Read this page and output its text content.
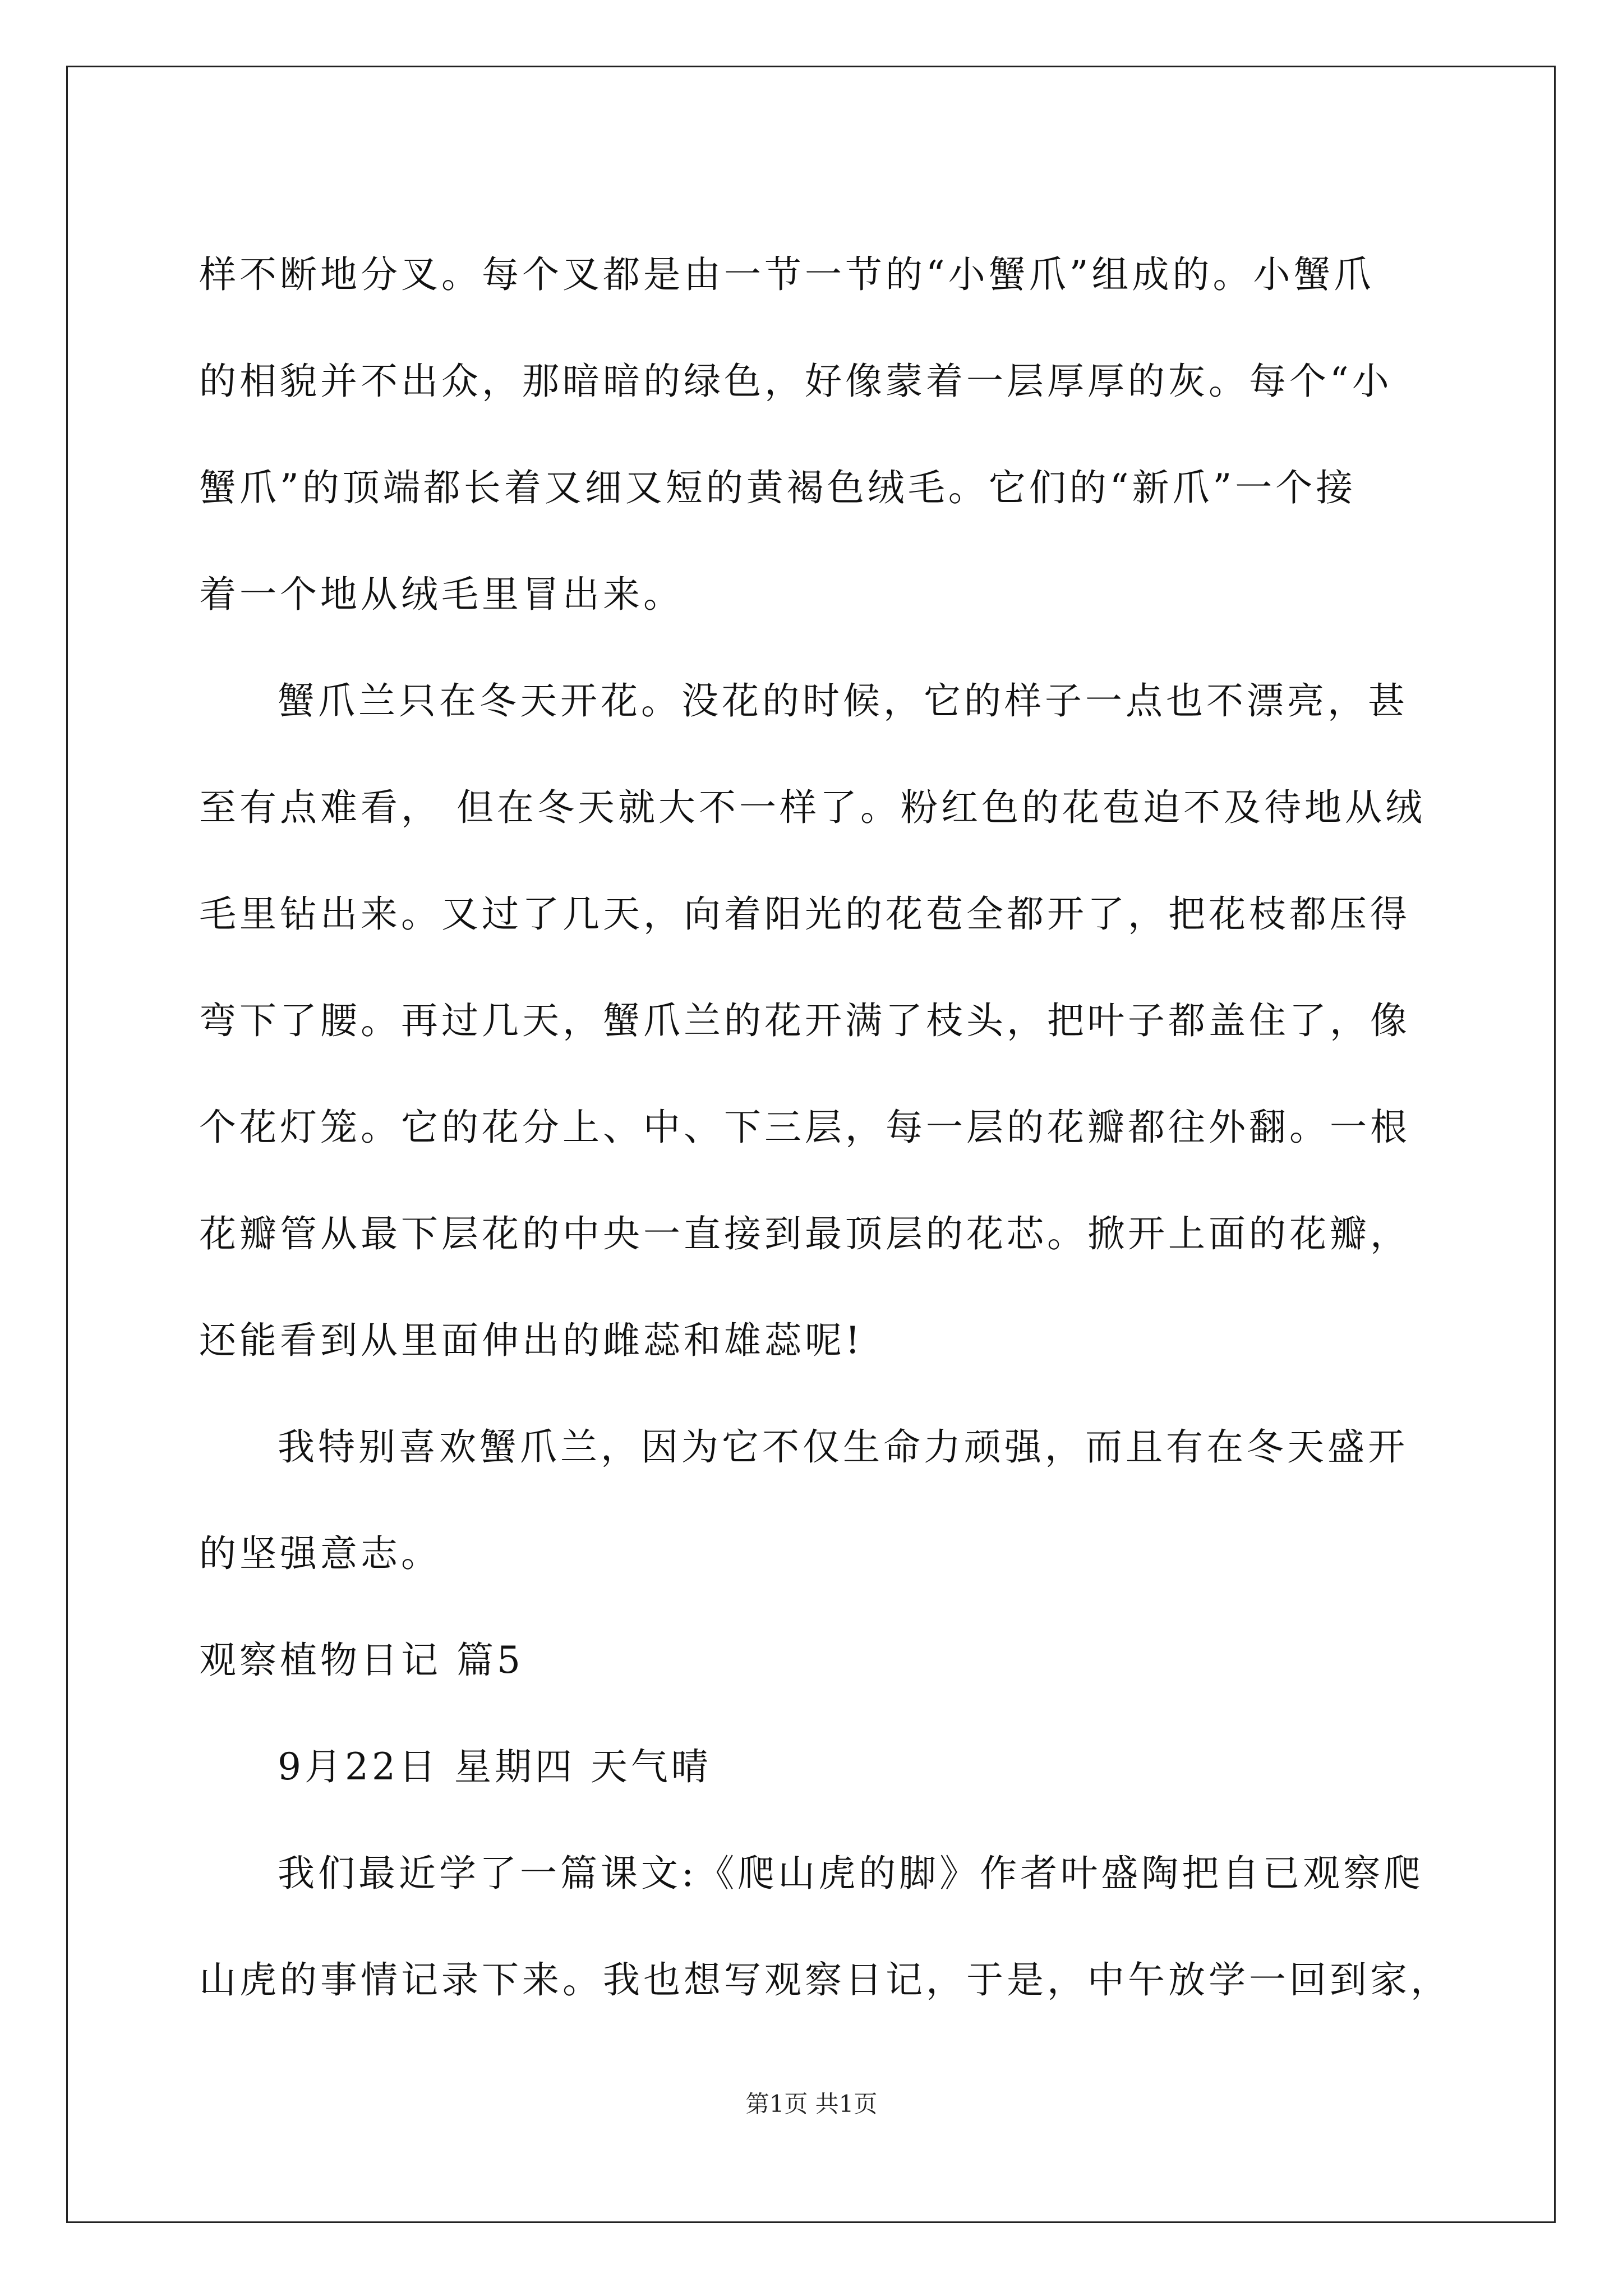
样不断地分叉。每个叉都是由一节一节的“小蟹爪”组成的。小蟹爪
的相貌并不出众，那暗暗的绿色，好像蒙着一层厚厚的灰。每个“小
蟹爪”的顶端都长着又细又短的黄褐色绒毛。它们的“新爪”一个接
着一个地从绒毛里冒出来。
蟹爪兰只在冬天开花。没花的时候，它的样子一点也不漂亮，甚
至有点难看， 但在冬天就大不一样了。粉红色的花苞迫不及待地从绒
毛里钻出来。又过了几天，向着阳光的花苞全都开了，把花枝都压得
弯下了腰。再过几天，蟹爪兰的花开满了枝头，把叶子都盖住了，像
个花灯笼。它的花分上、中、下三层，每一层的花瓣都往外翻。一根
花瓣管从最下层花的中央一直接到最顶层的花芯。掀开上面的花瓣，
还能看到从里面伸出的雌蕊和雄蕊呢!
我特别喜欢蟹爪兰，因为它不仅生命力顽强，而且有在冬天盛开
的坚强意志。
观察植物日记 篇5
9月22日 星期四 天气晴
我们最近学了一篇课文:《爬山虎的脚》作者叶盛陶把自已观察爬
山虎的事情记录下来。我也想写观察日记，于是，中午放学一回到家，
第1页 共1页
